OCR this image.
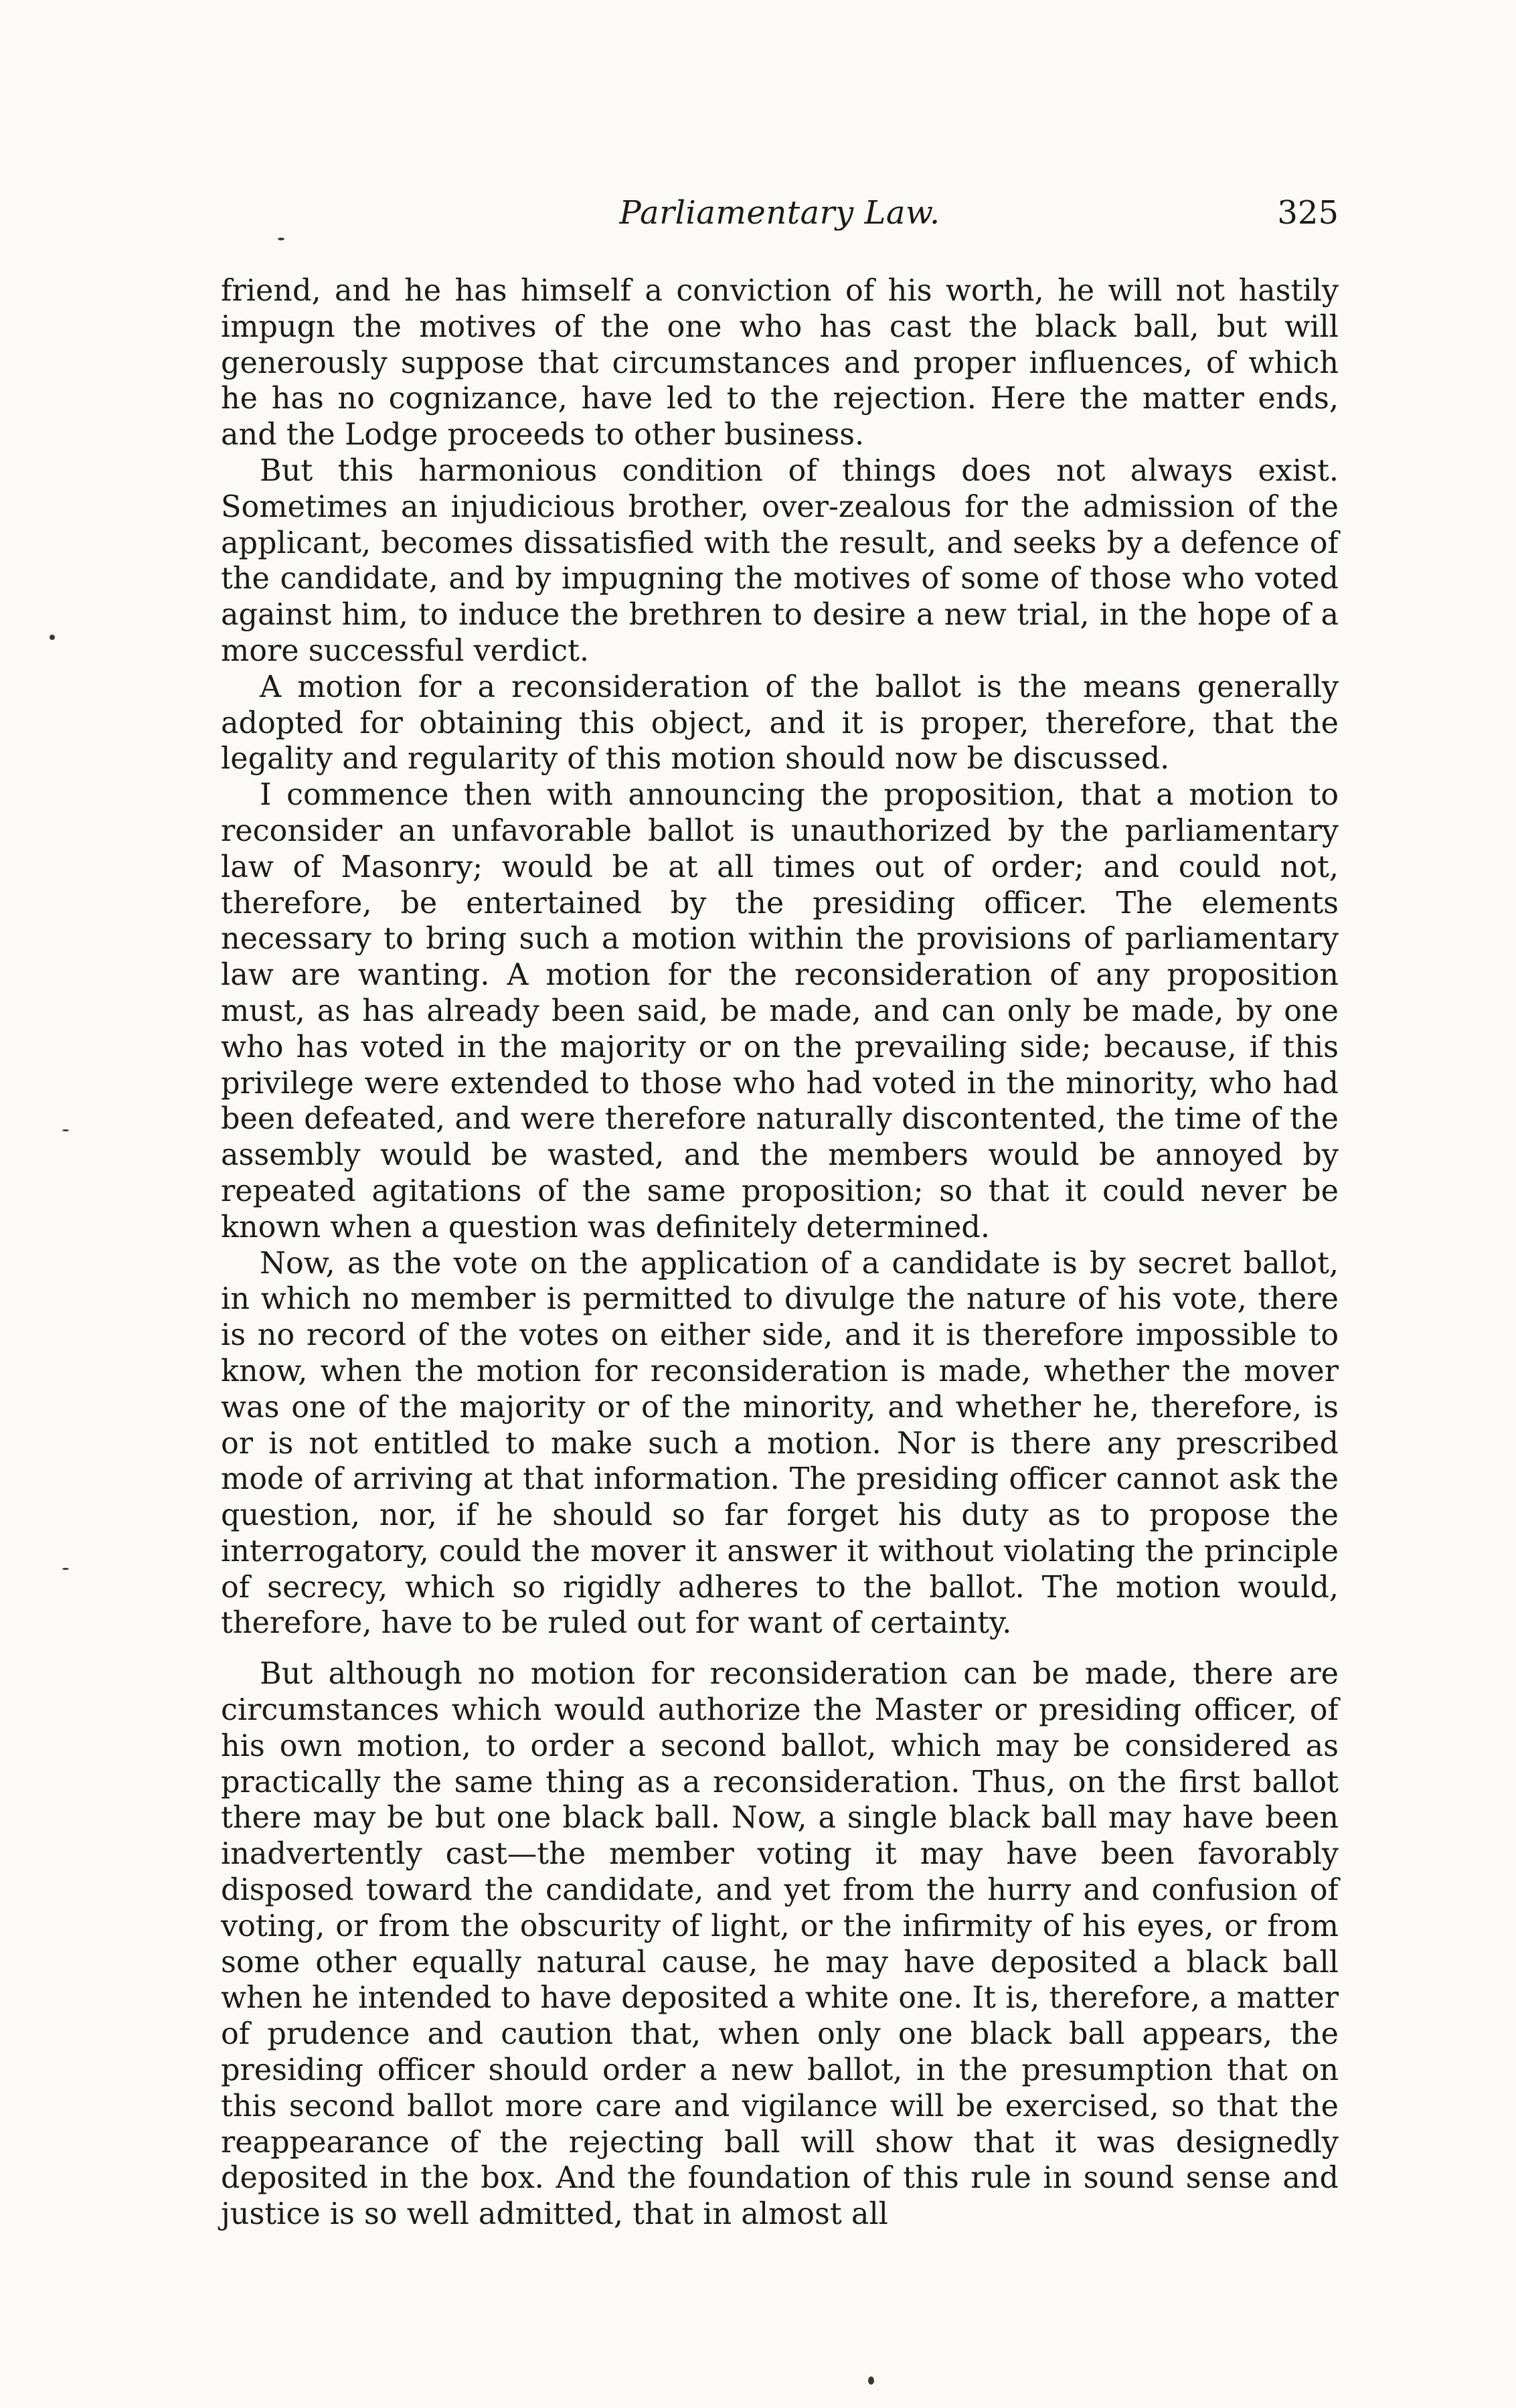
Parliamentary Law.	325

friend, and he has himself a conviction of his worth, he will not hastily impugn the motives of the one who has cast the black ball, but will generously suppose that circumstances and proper influences, of which he has no cognizance, have led to the rejection. Here the matter ends, and the Lodge proceeds to other business.

But this harmonious condition of things does not always exist. Sometimes an injudicious brother, over-zealous for the admission of the applicant, becomes dissatisfied with the result, and seeks by a defence of the candidate, and by impugning the motives of some of those who voted against him, to induce the brethren to desire a new trial, in the hope of a more successful verdict.

A motion for a reconsideration of the ballot is the means generally adopted for obtaining this object, and it is proper, therefore, that the legality and regularity of this motion should now be discussed.

I commence then with announcing the proposition, that a motion to reconsider an unfavorable ballot is unauthorized by the parliamentary law of Masonry; would be at all times out of order; and could not, therefore, be entertained by the presiding officer. The elements necessary to bring such a motion within the provisions of parliamentary law are wanting. A motion for the reconsideration of any proposition must, as has already been said, be made, and can only be made, by one who has voted in the majority or on the prevailing side; because, if this privilege were extended to those who had voted in the minority, who had been defeated, and were therefore naturally discontented, the time of the assembly would be wasted, and the members would be annoyed by repeated agitations of the same proposition; so that it could never be known when a question was definitely determined.

Now, as the vote on the application of a candidate is by secret ballot, in which no member is permitted to divulge the nature of his vote, there is no record of the votes on either side, and it is therefore impossible to know, when the motion for reconsideration is made, whether the mover was one of the majority or of the minority, and whether he, therefore, is or is not entitled to make such a motion. Nor is there any prescribed mode of arriving at that information. The presiding officer cannot ask the question, nor, if he should so far forget his duty as to propose the interrogatory, could the mover it answer it without violating the principle of secrecy, which so rigidly adheres to the ballot. The motion would, therefore, have to be ruled out for want of certainty.

But although no motion for reconsideration can be made, there are circumstances which would authorize the Master or presiding officer, of his own motion, to order a second ballot, which may be considered as practically the same thing as a reconsideration. Thus, on the first ballot there may be but one black ball. Now, a single black ball may have been inadvertently cast—the member voting it may have been favorably disposed toward the candidate, and yet from the hurry and confusion of voting, or from the obscurity of light, or the infirmity of his eyes, or from some other equally natural cause, he may have deposited a black ball when he intended to have deposited a white one. It is, therefore, a matter of prudence and caution that, when only one black ball appears, the presiding officer should order a new ballot, in the presumption that on this second ballot more care and vigilance will be exercised, so that the reappearance of the rejecting ball will show that it was designedly deposited in the box. And the foundation of this rule in sound sense and justice is so well admitted, that in almost all
